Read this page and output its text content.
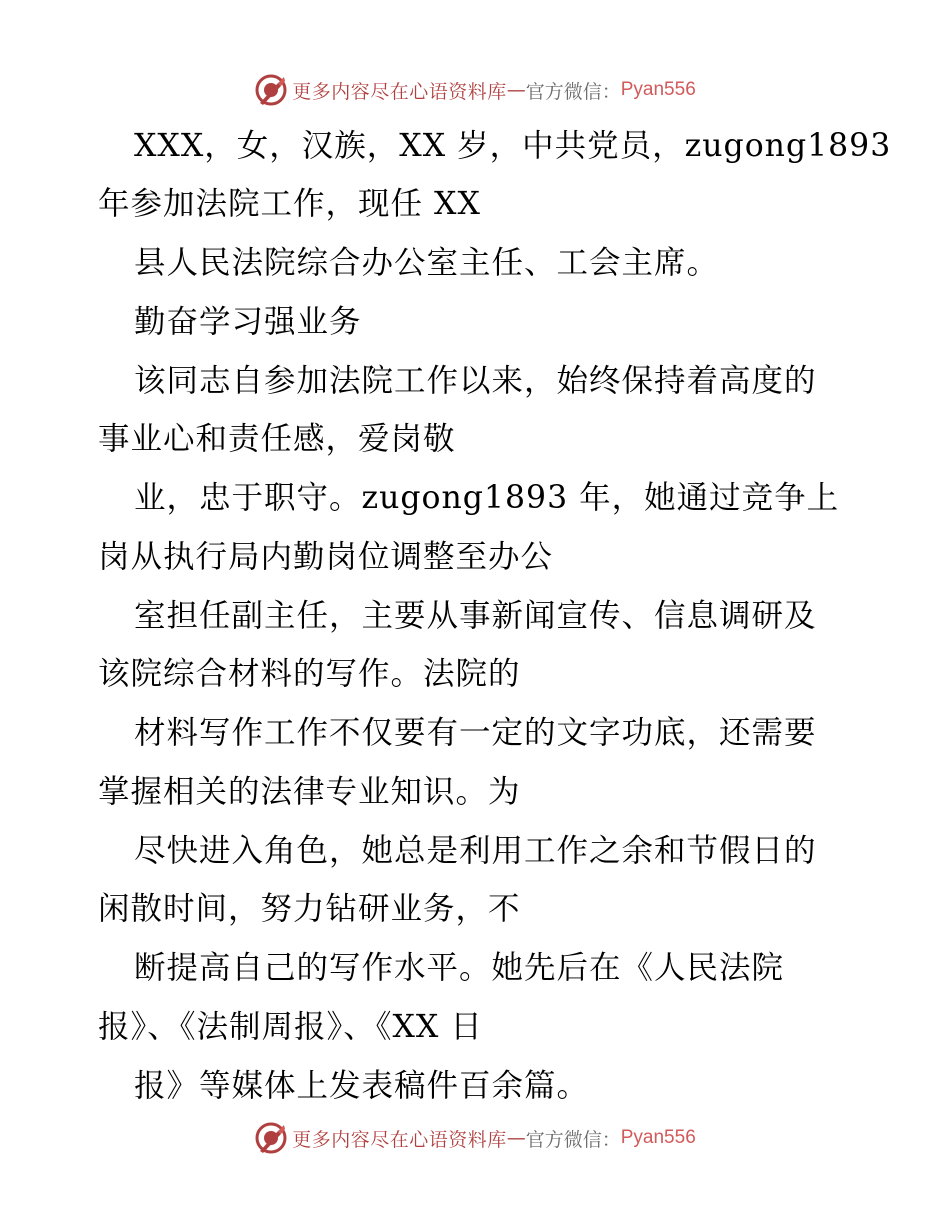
更多内容尽在心语资料库 — 官方微信： Pyan556
XXX，女，汉族，XX 岁，中共党员，zugong1893
年参加法院工作，现任 XX
县人民法院综合办公室主任、工会主席。
勤奋学习强业务
该同志自参加法院工作以来，始终保持着高度的
事业心和责任感，爱岗敬
业，忠于职守。zugong1893 年，她通过竞争上
岗从执行局内勤岗位调整至办公
室担任副主任，主要从事新闻宣传、信息调研及
该院综合材料的写作。法院的
材料写作工作不仅要有一定的文字功底，还需要
掌握相关的法律专业知识。为
尽快进入角色，她总是利用工作之余和节假日的
闲散时间，努力钻研业务，不
断提高自己的写作水平。她先后在《人民法院
报》、《法制周报》、《XX 日
报》等媒体上发表稿件百余篇。
更多内容尽在心语资料库 — 官方微信： Pyan556
